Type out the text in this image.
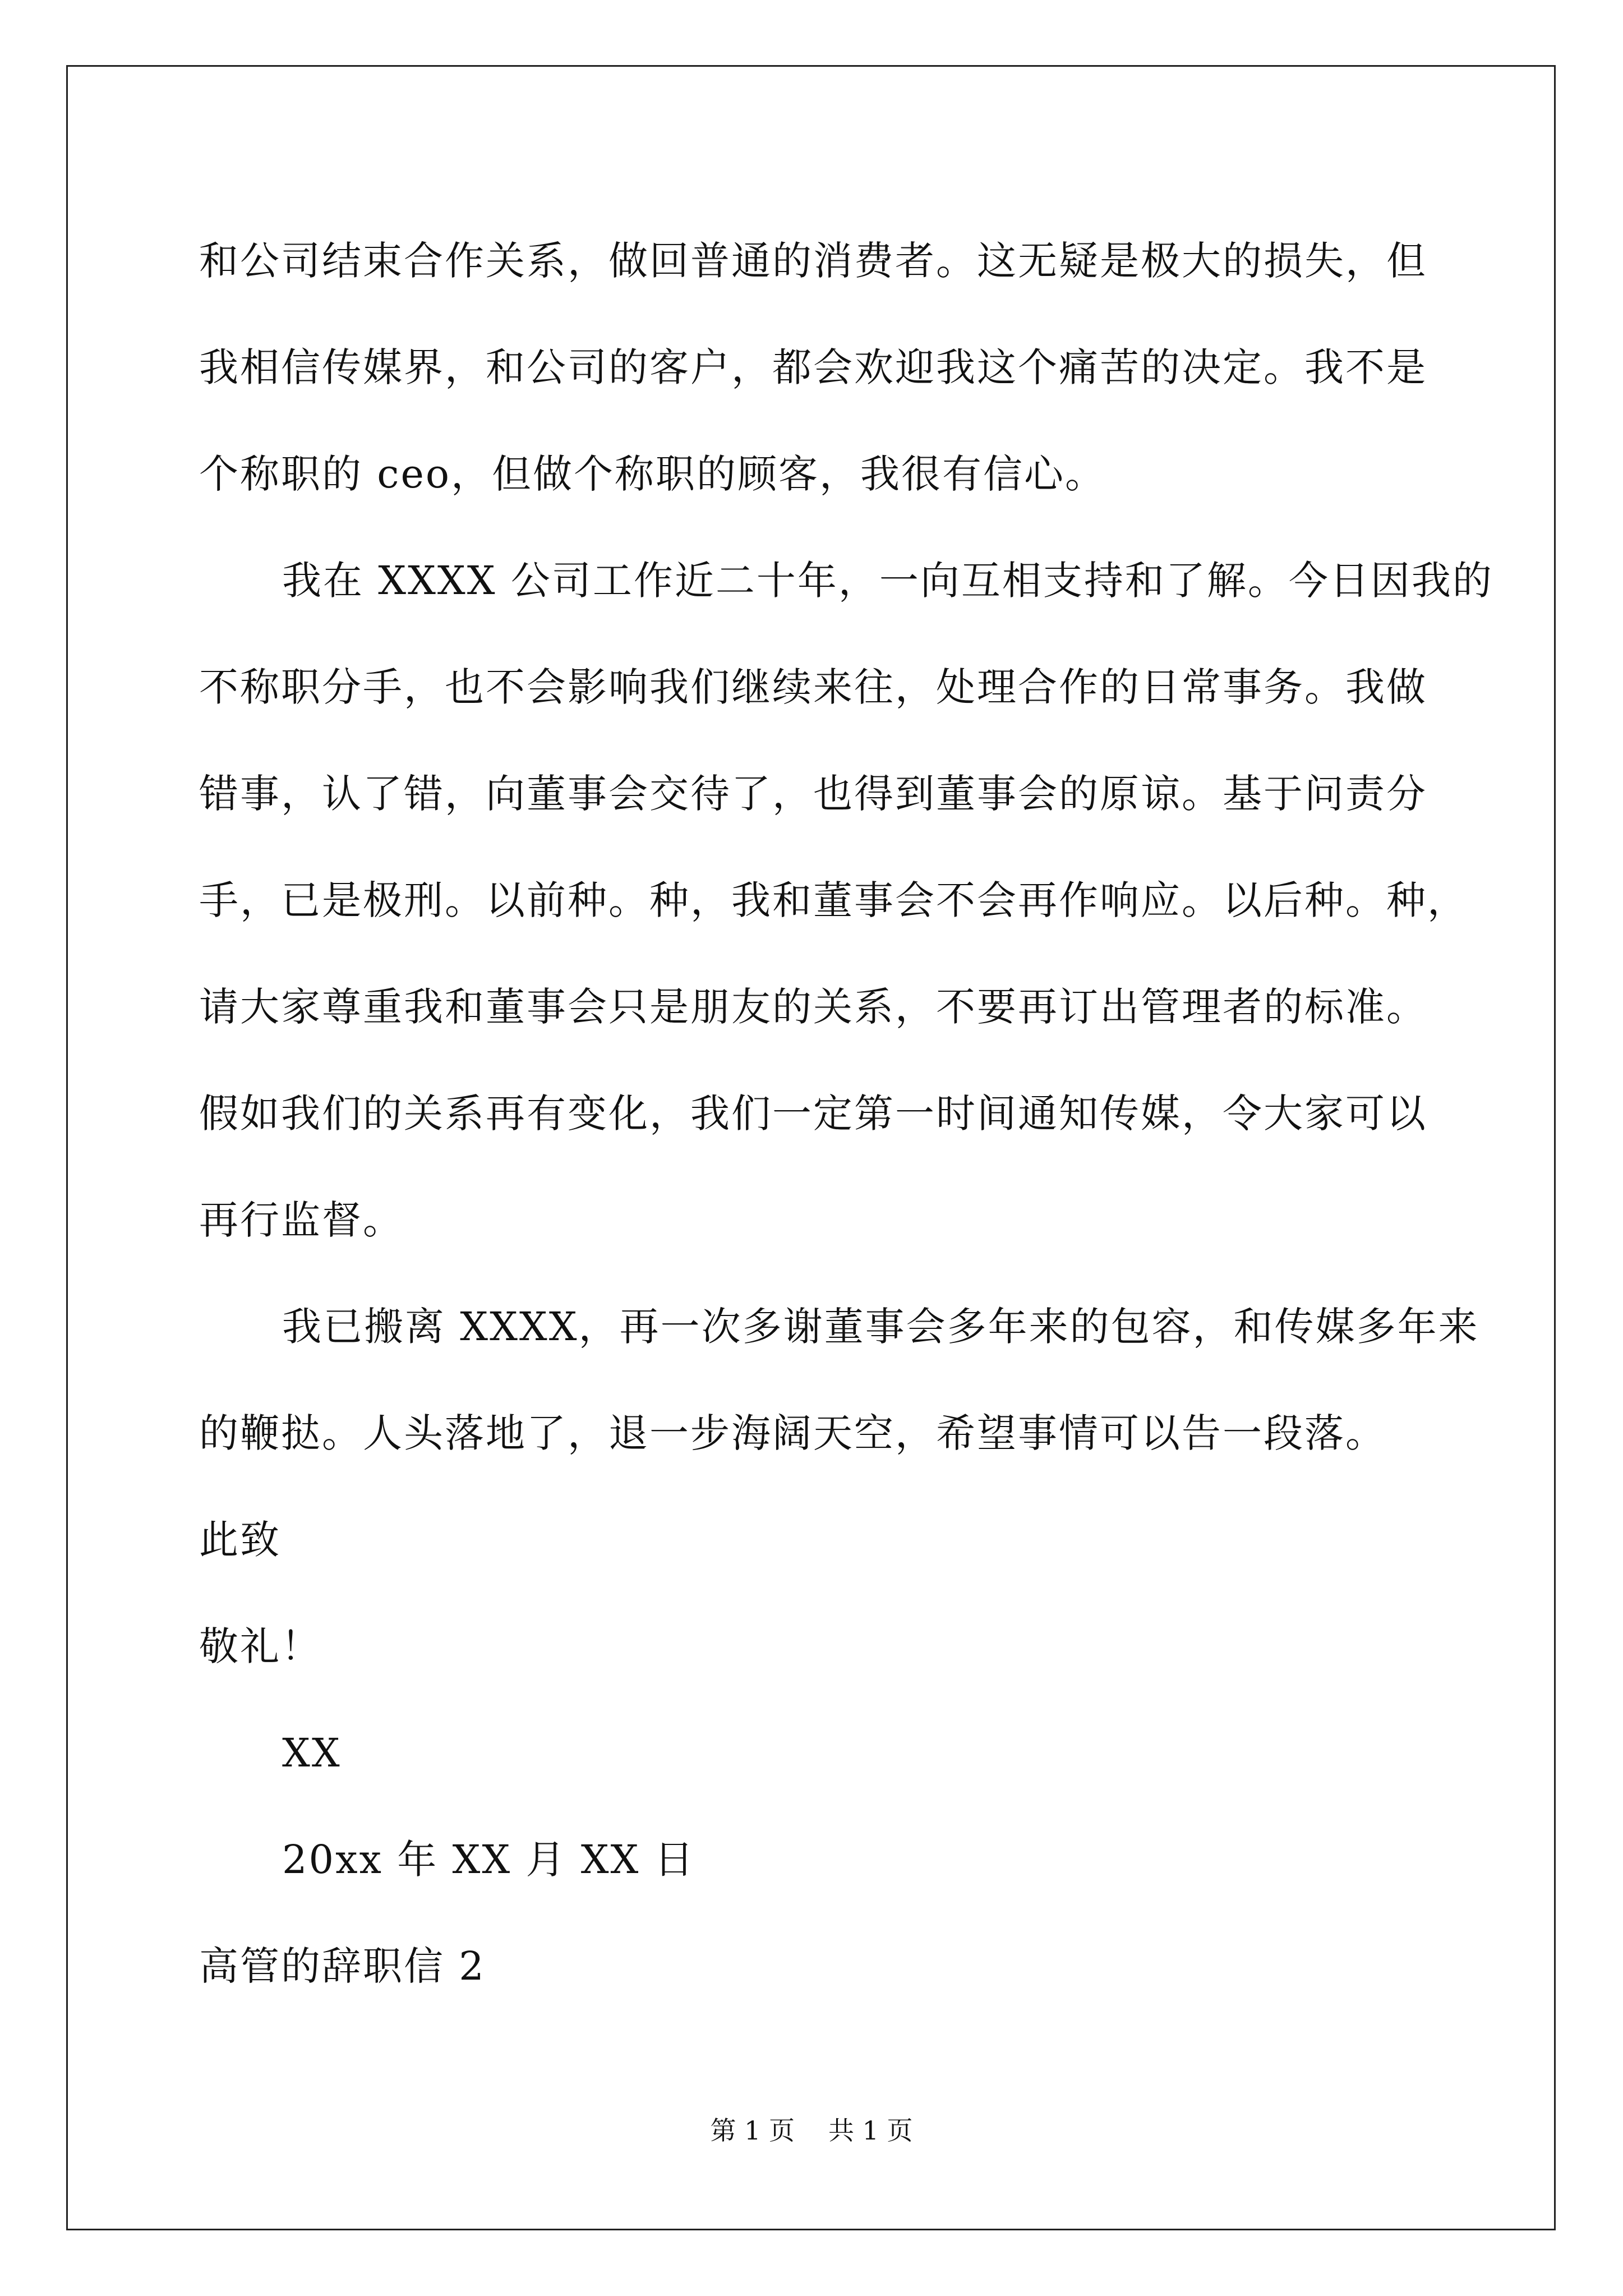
和公司结束合作关系，做回普通的消费者。这无疑是极大的损失，但
我相信传媒界，和公司的客户，都会欢迎我这个痛苦的决定。我不是
个称职的 ceo，但做个称职的顾客，我很有信心。
我在 XXXX 公司工作近二十年，一向互相支持和了解。今日因我的
不称职分手，也不会影响我们继续来往，处理合作的日常事务。我做
错事，认了错，向董事会交待了，也得到董事会的原谅。基于问责分
手，已是极刑。以前种。种，我和董事会不会再作响应。以后种。种，
请大家尊重我和董事会只是朋友的关系，不要再订出管理者的标准。
假如我们的关系再有变化，我们一定第一时间通知传媒，令大家可以
再行监督。
我已搬离 XXXX，再一次多谢董事会多年来的包容，和传媒多年来
的鞭挞。人头落地了，退一步海阔天空，希望事情可以告一段落。
此致
敬礼！
XX
20xx 年 XX 月 XX 日
高管的辞职信 2
第 1 页 共 1 页
